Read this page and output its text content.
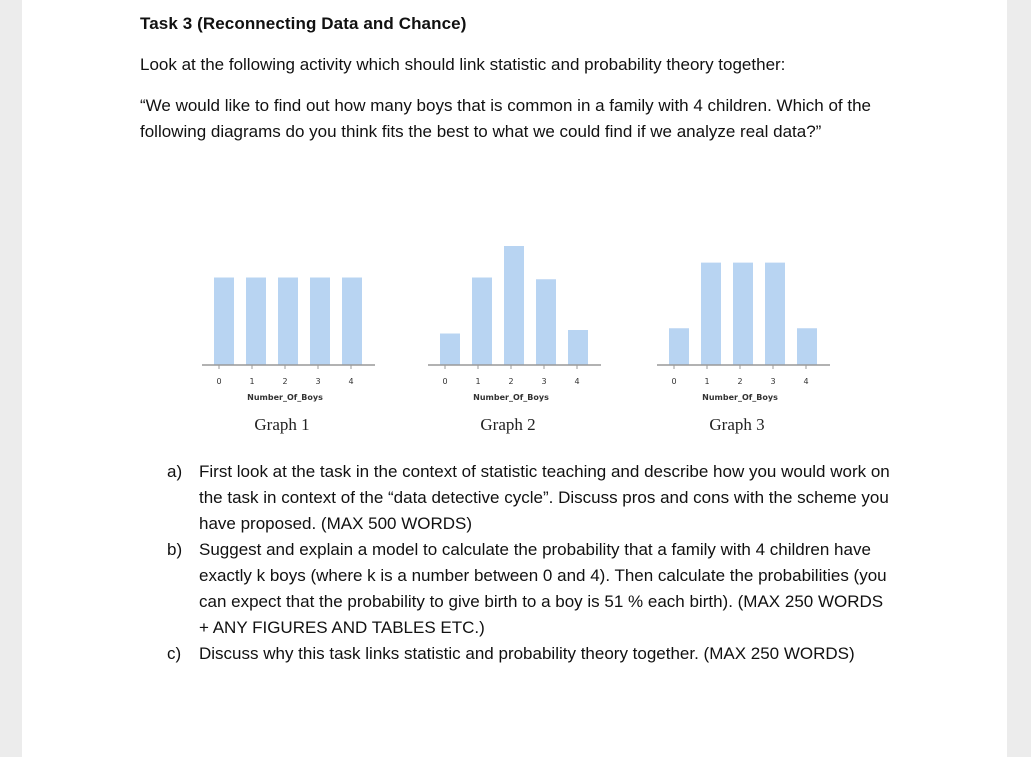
Task 3 (Reconnecting Data and Chance)
Look at the following activity which should link statistic and probability theory together:
“We would like to find out how many boys that is common in a family with 4 children. Which of the following diagrams do you think fits the best to what we could find if we analyze real data?”
0	1	2	3	4
Number_Of_Boys
Graph 1
0	1	2	3	4
Number_Of_Boys
Graph 2
0	1	2	3	4
Number_Of_Boys
Graph 3
a) First look at the task in the context of statistic teaching and describe how you would work on the task in context of the “data detective cycle”. Discuss pros and cons with the scheme you have proposed. (MAX 500 WORDS)
b) Suggest and explain a model to calculate the probability that a family with 4 children have exactly k boys (where k is a number between 0 and 4). Then calculate the probabilities (you can expect that the probability to give birth to a boy is 51 % each birth). (MAX 250 WORDS + ANY FIGURES AND TABLES ETC.)
c) Discuss why this task links statistic and probability theory together. (MAX 250 WORDS)
